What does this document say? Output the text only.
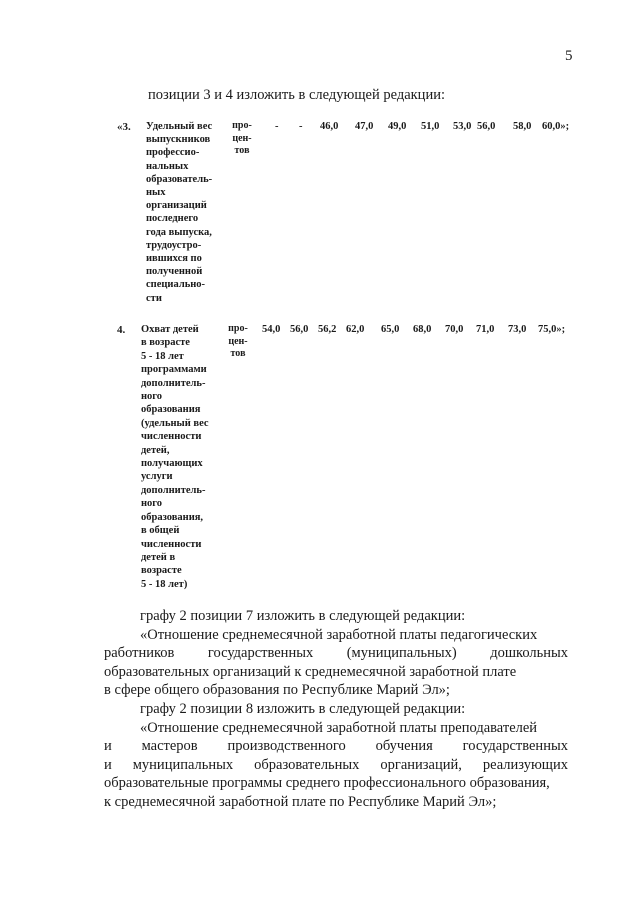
5
позиции 3 и 4 изложить в следующей редакции:
«3. Удельный вес
выпускников
профессио-
нальных
образователь-
ных
организаций
последнего
года выпуска,
трудоустро-
ившихся по
полученной
специально-
сти
про-
цен-
тов
- - 46,0 47,0 49,0 51,0 53,0 56,0 58,0 60,0»;
4. Охват детей
в возрасте
5 - 18 лет
программами
дополнитель-
ного
образования
(удельный вес
численности
детей,
получающих
услуги
дополнитель-
ного
образования,
в общей
численности
детей в
возрасте
5 - 18 лет)
про-
цен-
тов
54,0 56,0 56,2 62,0 65,0 68,0 70,0 71,0 73,0 75,0»;
графу 2 позиции 7 изложить в следующей редакции:
«Отношение среднемесячной заработной платы педагогических
работников государственных (муниципальных) дошкольных
образовательных организаций к среднемесячной заработной плате
в сфере общего образования по Республике Марий Эл»;
графу 2 позиции 8 изложить в следующей редакции:
«Отношение среднемесячной заработной платы преподавателей
и мастеров производственного обучения государственных
и муниципальных образовательных организаций, реализующих
образовательные программы среднего профессионального образования,
к среднемесячной заработной плате по Республике Марий Эл»;
